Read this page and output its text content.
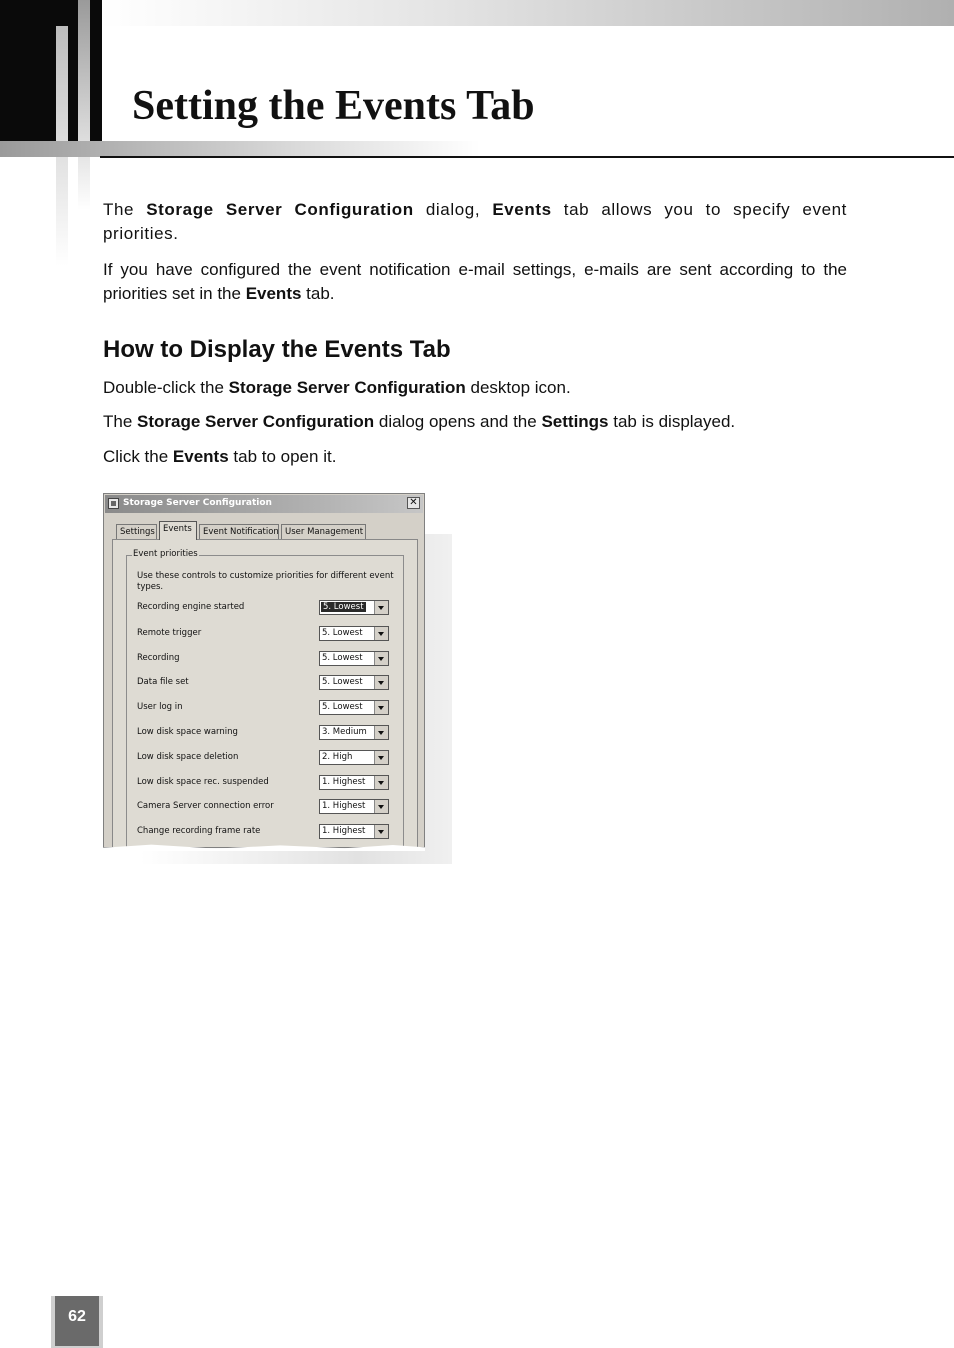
Setting the Events Tab

The Storage Server Configuration dialog, Events tab allows you to specify event priorities.

If you have configured the event notification e-mail settings, e-mails are sent according to the priorities set in the Events tab.

How to Display the Events Tab

Double-click the Storage Server Configuration desktop icon.

The Storage Server Configuration dialog opens and the Settings tab is displayed.

Click the Events tab to open it.

Storage Server Configuration	✕
Settings Events	Event Notification User Management
Event priorities
Use these controls to customize priorities for different event types.
Recording engine started	5. Lowest
Remote trigger	5. Lowest
Recording	5. Lowest
Data file set	5. Lowest
User log in	5. Lowest
Low disk space warning	3. Medium
Low disk space deletion	2. High
Low disk space rec. suspended	1. Highest
Camera Server connection error	1. Highest
Change recording frame rate	1. Highest
62
